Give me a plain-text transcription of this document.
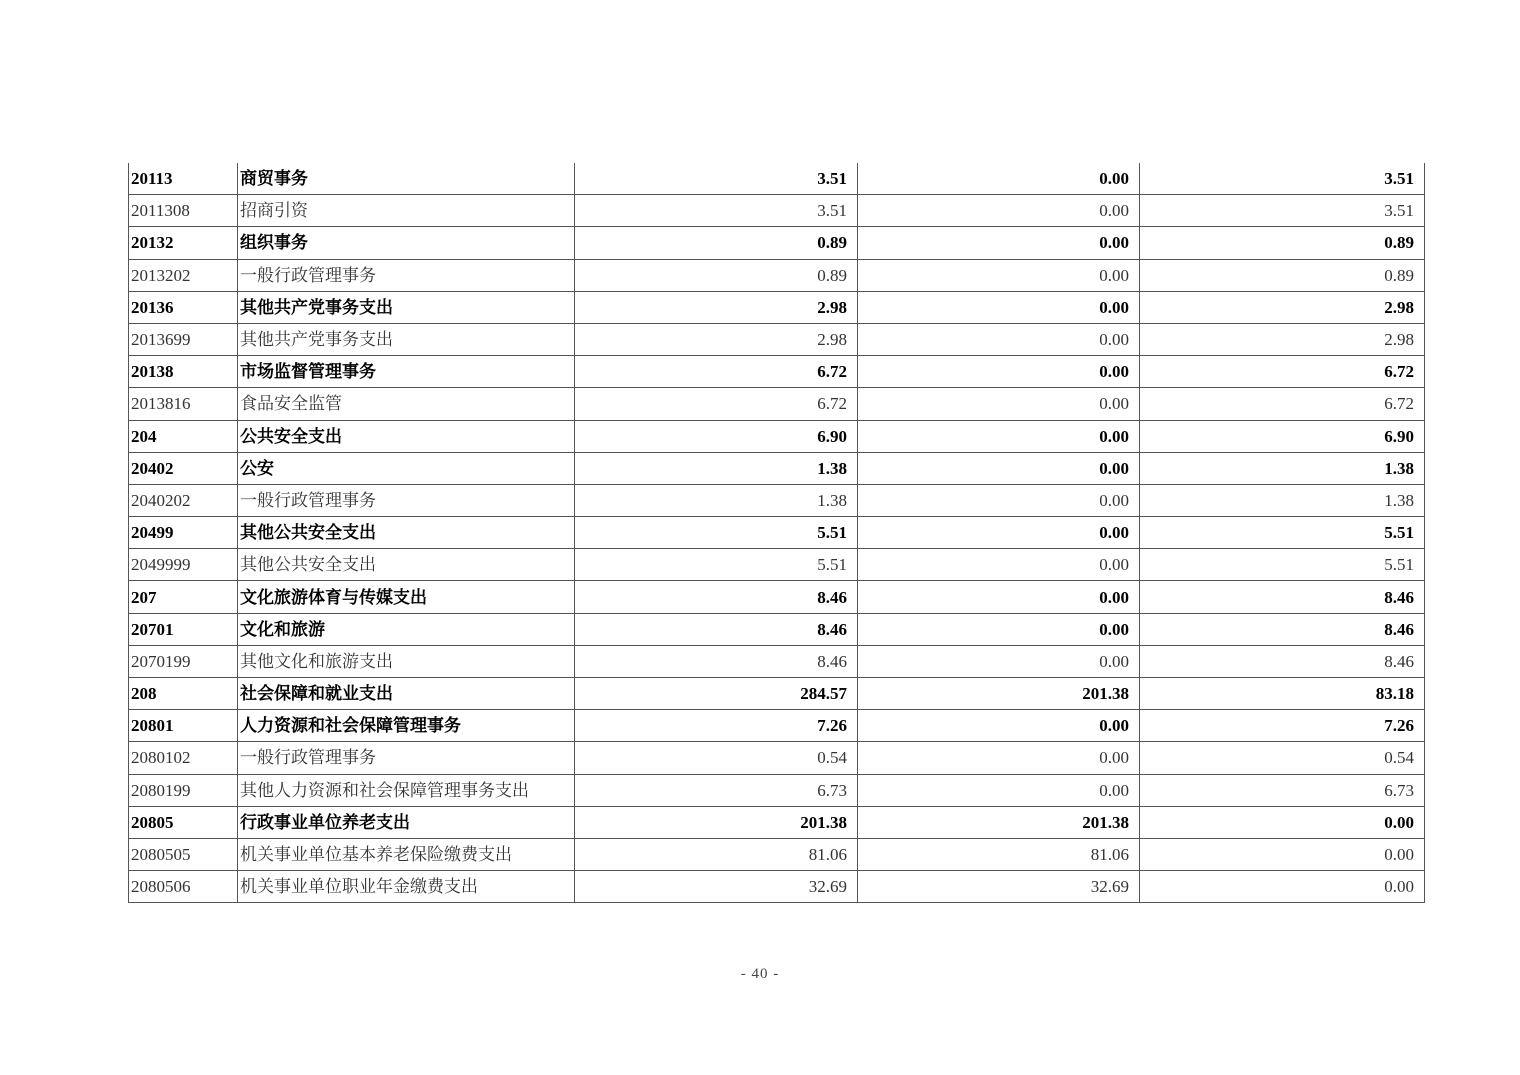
20113	商贸事务	3.51	0.00	3.51
2011308	招商引资	3.51	0.00	3.51
20132	组织事务	0.89	0.00	0.89
2013202	一般行政管理事务	0.89	0.00	0.89
20136	其他共产党事务支出	2.98	0.00	2.98
2013699	其他共产党事务支出	2.98	0.00	2.98
20138	市场监督管理事务	6.72	0.00	6.72
2013816	食品安全监管	6.72	0.00	6.72
204	公共安全支出	6.90	0.00	6.90
20402	公安	1.38	0.00	1.38
2040202	一般行政管理事务	1.38	0.00	1.38
20499	其他公共安全支出	5.51	0.00	5.51
2049999	其他公共安全支出	5.51	0.00	5.51
207	文化旅游体育与传媒支出	8.46	0.00	8.46
20701	文化和旅游	8.46	0.00	8.46
2070199	其他文化和旅游支出	8.46	0.00	8.46
208	社会保障和就业支出	284.57	201.38	83.18
20801	人力资源和社会保障管理事务	7.26	0.00	7.26
2080102	一般行政管理事务	0.54	0.00	0.54
2080199	其他人力资源和社会保障管理事务支出	6.73	0.00	6.73
20805	行政事业单位养老支出	201.38	201.38	0.00
2080505	机关事业单位基本养老保险缴费支出	81.06	81.06	0.00
2080506	机关事业单位职业年金缴费支出	32.69	32.69	0.00
- 40 -
